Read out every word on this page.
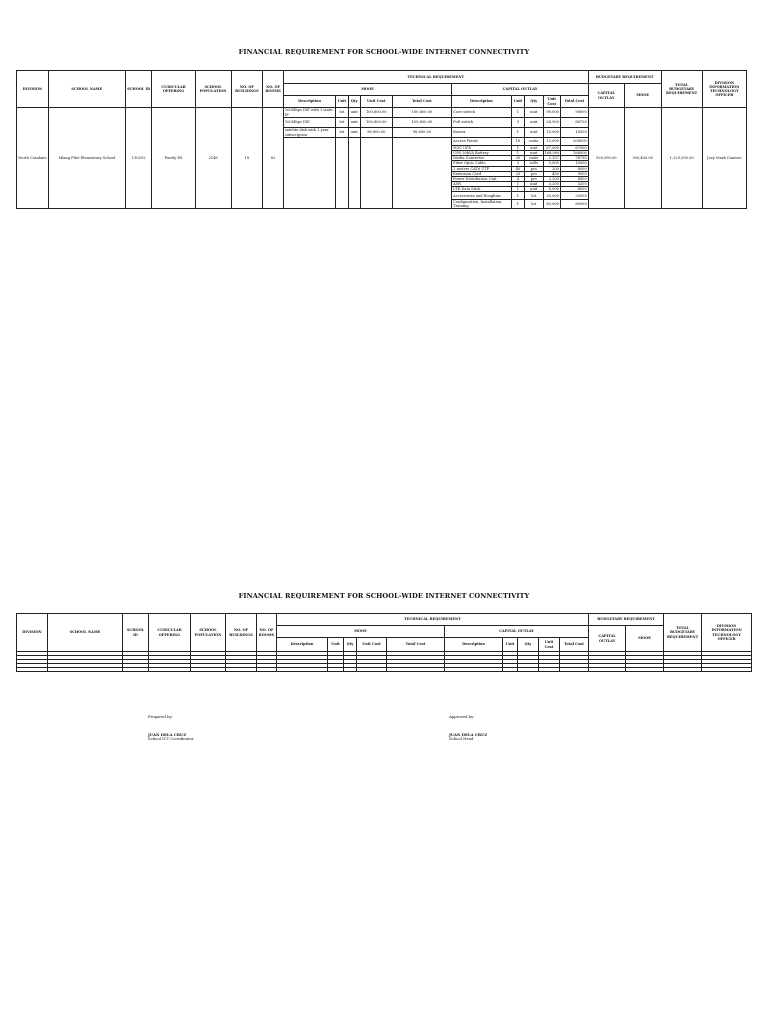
FINANCIAL REQUIREMENT FOR SCHOOL-WIDE INTERNET CONNECTIVITY
DIVISION	SCHOOL NAME	SCHOOL ID	CURICULAR OFFERING	SCHOOL POPULATION	NO. OF BUILDINGS	NO. OF ROOMS	TECHNICAL REQUIREMENT										BUDGETARY REQUIREMENT		TOTAL BUDGETARY REQUIREMENT	DIVISION INFORMATION TECHNOLOGY OFFICER
							MOOE					CAPITAL OUTLAY					CAPITAL OUTLAY	MOOE		
							Description	Unit	Qty	Unit Cost	Total Cost	Description	Unit	Qty	Unit Cost	Total Cost				
North Cotabato	Mlang Pilot Elementary School	130292	Purely ES	2148	18	82	100Mbps DIP with 1 static IP	lot	unit	100,800.00	100,800.00	Core switch	1	unit	98,000	98000	928,990.00	300,400.00	1,229,390.00	Joey Mark Cantero
							100Mbps DIP	lot	unit	100,800.00	100,800.00	PoE switch	3	unit	28,900	86700				
							satelite dish with 1 year subscription	lot	unit	98,800.00	98,800.00	Router	1	unit	18,000	18000				
												Access Points	16	units	13,000	208000				
												NOC UPS	1	unit	67,000	67000				
												UPS 20kVA Battery	1	unit	168,000	168000				
												Media Converter	35	units	2,137	74795				
												Fiber Optic Cable	3	rolls	5,000	15000				
												2 meters CAT6 UTP	40	pcs	200	8000				
												Extension Cord	20	pcs	450	9000				
												Power Distribution Unit	4	pcs	2,200	8800				
												AVR	1	unit	3,200	3200				
												LTE Data Stick	1	unit	8,000	8000				
												Accessories and Roughins	1	lot	25,000	25000				
												Configuration, Installation, Training	1	lot	80,000	80000				
FINANCIAL REQUIREMENT FOR SCHOOL-WIDE INTERNET CONNECTIVITY
DIVISION	SCHOOL NAME	SCHOOL ID	CURICULAR OFFERING	SCHOOL POPULATION	NO. OF BUILDINGS	NO. OF ROOMS	TECHNICAL REQUIREMENT										BUDGETARY REQUIREMENT		TOTAL BUDGETARY REQUIREMENT	DIVISION INFORMATION TECHNOLOGY OFFICER
							MOOE					CAPITAL OUTLAY					CAPITAL OUTLAY	MOOE		
							Description	Unit	Qty	Unit Cost	Total Cost	Description	Unit	Qty	Unit Cost	Total Cost				

Prepared by:
JUAN DELA CRUZ
School ICT Coordinator
Approved by:
JUAN DELA CRUZ
School Head
